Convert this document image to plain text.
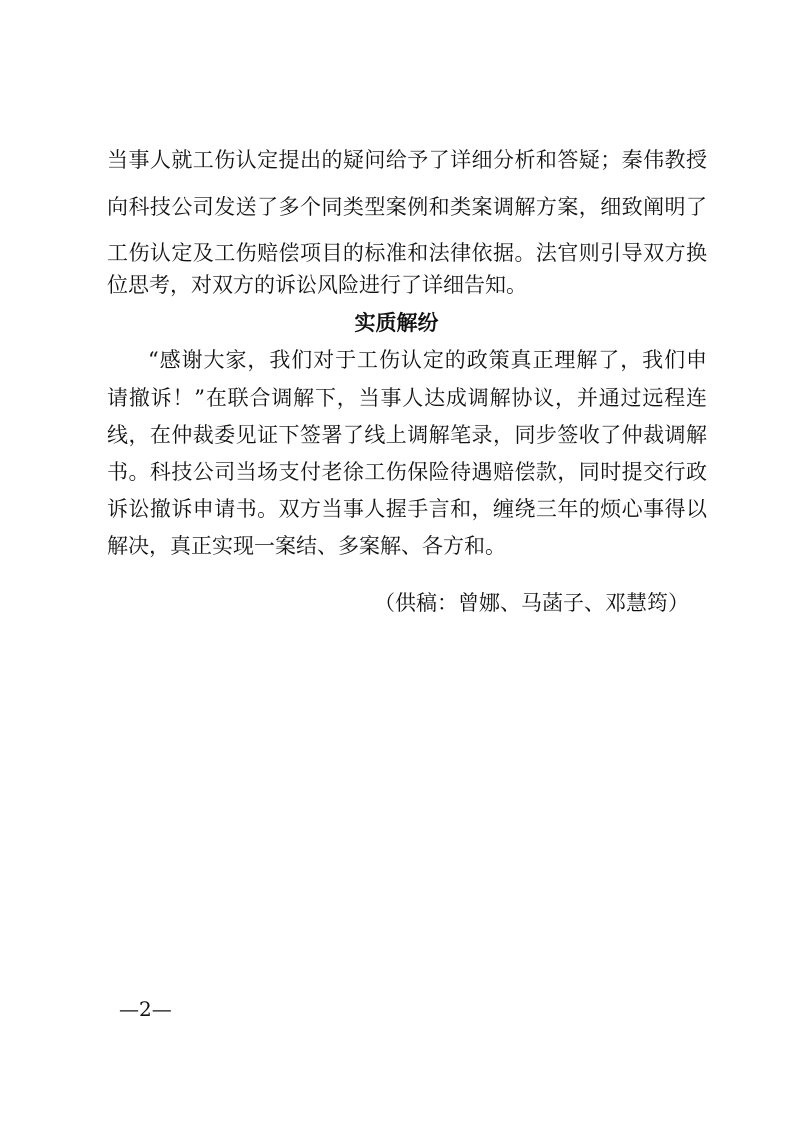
当事人就工伤认定提出的疑问给予了详细分析和答疑；秦伟教授
向科技公司发送了多个同类型案例和类案调解方案，细致阐明了
工伤认定及工伤赔偿项目的标准和法律依据。法官则引导双方换
位思考，对双方的诉讼风险进行了详细告知。
实质解纷
“感谢大家，我们对于工伤认定的政策真正理解了，我们申
请撤诉！”在联合调解下，当事人达成调解协议，并通过远程连
线，在仲裁委见证下签署了线上调解笔录，同步签收了仲裁调解
书。科技公司当场支付老徐工伤保险待遇赔偿款，同时提交行政
诉讼撤诉申请书。双方当事人握手言和，缠绕三年的烦心事得以
解决，真正实现一案结、多案解、各方和。
（供稿：曾娜、马菡子、邓慧筠）
—2—
